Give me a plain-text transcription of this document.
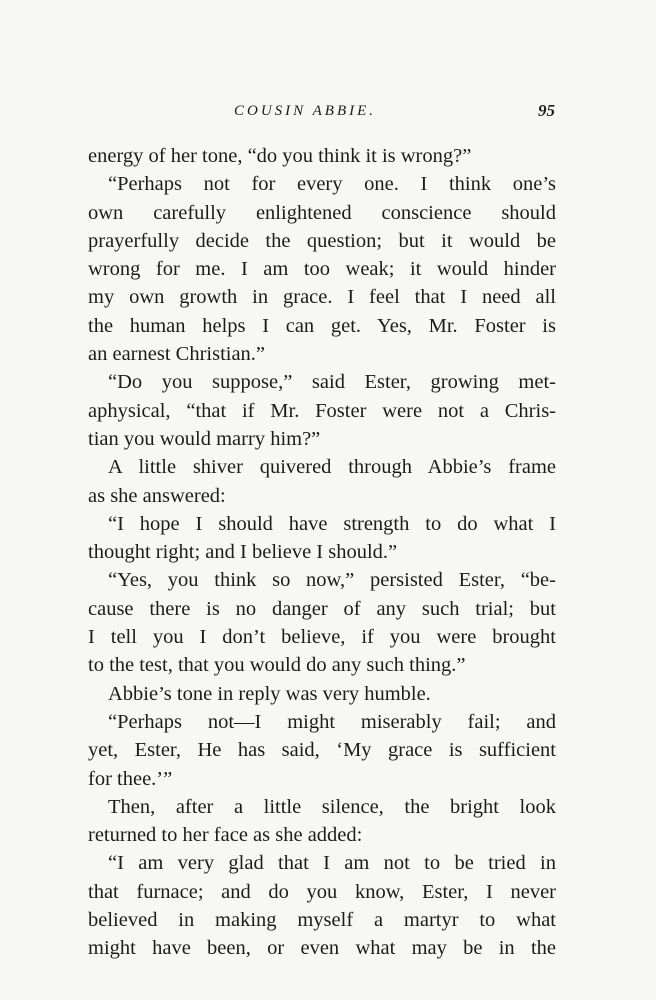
COUSIN ABBIE.	95
energy of her tone, “do you think it is wrong?”
“Perhaps not for every one. I think one’s
own carefully enlightened conscience should
prayerfully decide the question; but it would be
wrong for me. I am too weak; it would hinder
my own growth in grace. I feel that I need all
the human helps I can get. Yes, Mr. Foster is
an earnest Christian.”
“Do you suppose,” said Ester, growing met-
aphysical, “that if Mr. Foster were not a Chris-
tian you would marry him?”
A little shiver quivered through Abbie’s frame
as she answered:
“I hope I should have strength to do what I
thought right; and I believe I should.”
“Yes, you think so now,” persisted Ester, “be-
cause there is no danger of any such trial; but
I tell you I don’t believe, if you were brought
to the test, that you would do any such thing.”
Abbie’s tone in reply was very humble.
“Perhaps not—I might miserably fail; and
yet, Ester, He has said, ‘My grace is sufficient
for thee.’”
Then, after a little silence, the bright look
returned to her face as she added:
“I am very glad that I am not to be tried in
that furnace; and do you know, Ester, I never
believed in making myself a martyr to what
might have been, or even what may be in the
